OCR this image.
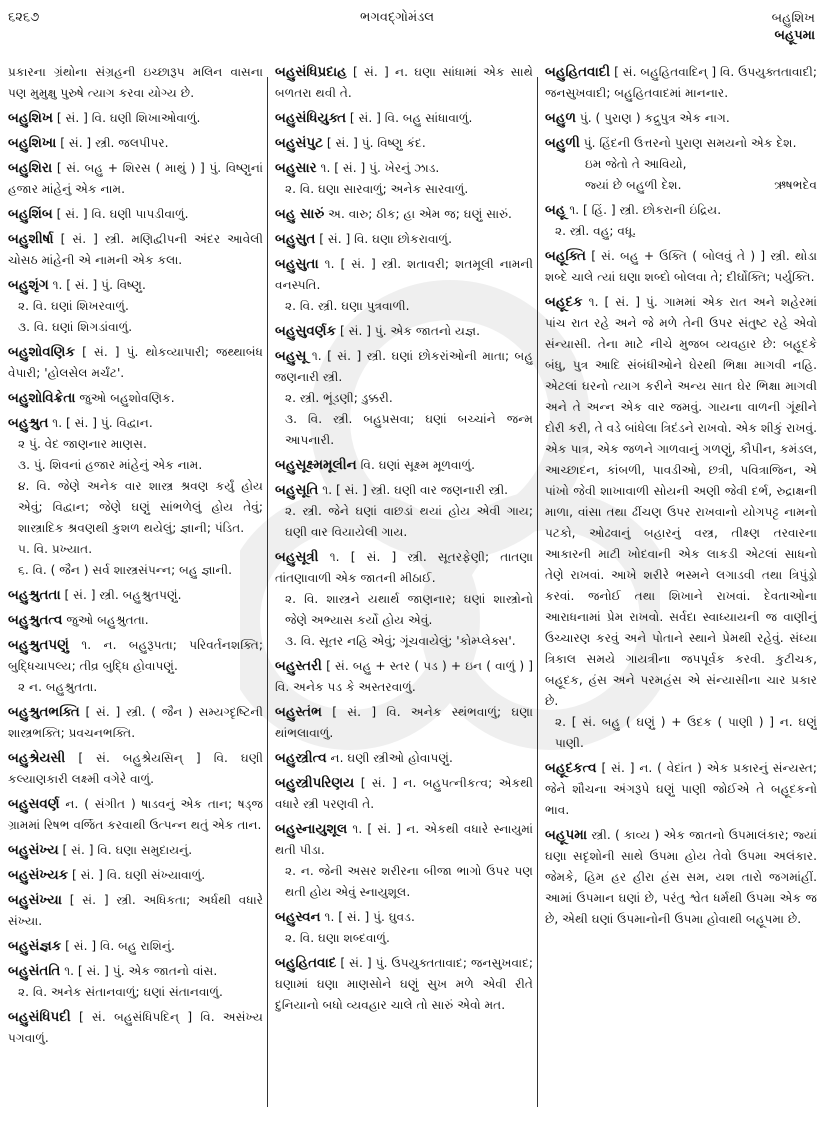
૬૨૬૭	ભગવદ્ગોમંડલ	બહુશિખ
બહૂપમા
પ્રકારના ગ્રંથોના સંગ્રહની ઇચ્છારૂપ મલિન વાસના પણ મુમુક્ષુ પુરુષે ત્યાગ કરવા યોગ્ય છે.
બહુશિખ [ સં. ] વિ. ઘણી શિખાઓવાળું.
બહુશિખા [ સં. ] સ્ત્રી. જલપીપર.
બહુશિરા [ સં. બહુ + શિરસ ( માથું ) ] પું. વિષ્ણુનાં હજાર માંહેનું એક નામ.
બહુશિંબ [ સં. ] વિ. ઘણી પાપડીવાળું.
બહુશીર્ષા [ સં. ] સ્ત્રી. મણિદ્વીપની અંદર આવેલી ચોસઠ માંહેની એ નામની એક કલા.
બહુશૃંગ ૧. [ સં. ] પું. વિષ્ણુ.
૨. વિ. ઘણાં શિખરવાળું.
૩. વિ. ઘણાં શિગડાંવાળું.
બહુશોવણિક [ સં. ] પું. થોકવ્યાપારી; જથ્થાબંધ વેપારી; 'હોલસેલ મર્ચંટ'.
બહુશોવિક્રેતા જુઓ બહુશોવણિક.
બહુશ્રુત ૧. [ સં. ] પું. વિદ્વાન.
૨ પું. વેદ જાણનાર માણસ.
૩. પું. શિવનાં હજાર માંહેનું એક નામ.
૪. વિ. જેણે અનેક વાર શાસ્ત્ર શ્રવણ કર્યું હોય એવું; વિદ્વાન; જેણે ઘણું સાંભળેલું હોય તેવું; શાસ્ત્રાદિક શ્રવણથી કુશળ થયેલું; જ્ઞાની; પંડિત.
૫. વિ. પ્રખ્યાત.
૬. વિ. ( જૈન ) સર્વ શાસ્ત્રસંપન્ન; બહુ જ્ઞાની.
બહુશ્રુતતા [ સં. ] સ્ત્રી. બહુશ્રુતપણું.
બહુશ્રુતત્વ જુઓ બહુશ્રુતતા.
બહુશ્રુતપણું ૧. ન. બહુરૂપતા; પરિવર્તનશક્તિ; બુદ્ધિચાપલ્ય; તીવ્ર બુદ્ધિ હોવાપણું.
૨ ન. બહુશ્રુતતા.
બહુશ્રુતભક્તિ [ સં. ] સ્ત્રી. ( જૈન ) સમ્યગ્દૃષ્ટિની શાસ્ત્રભક્તિ; પ્રવચનભક્તિ.
બહુશ્રેયસી [ સં. બહુશ્રેયસિન્ ] વિ. ઘણી કલ્યાણકારી લક્ષ્મી વગેરે વાળું.
બહુસવર્ણ ન. ( સંગીત ) ષાડવનું એક તાન; ષડ્જ ગ્રામમાં રિષભ વર્જિત કરવાથી ઉત્પન્ન થતું એક તાન.
બહુસંખ્ય [ સં. ] વિ. ઘણા સમુદાયનું.
બહુસંખ્યક [ સં. ] વિ. ઘણી સંખ્યાવાળું.
બહુસંખ્યા [ સં. ] સ્ત્રી. અધિકતા; અર્ધથી વધારે સંખ્યા.
બહુસંજ્ઞક [ સં. ] વિ. બહુ રાશિનું.
બહુસંતતિ ૧. [ સં. ] પું. એક જાતનો વાંસ.
૨. વિ. અનેક સંતાનવાળું; ઘણાં સંતાનવાળું.
બહુસંધિપદી [ સં. બહુસંધિપદિન્ ] વિ. અસંખ્ય પગવાળું.
બહુસંધિપ્રદાહ [ સં. ] ન. ઘણા સાંધામાં એક સાથે બળતરા થવી તે.
બહુસંધિયુક્ત [ સં. ] વિ. બહુ સાંધાવાળું.
બહુસંપુટ [ સં. ] પું. વિષ્ણુ કંદ.
બહુસાર ૧. [ સં. ] પું. ખેરનું ઝાડ.
૨. વિ. ઘણા સારવાળું; અનેક સારવાળું.
બહુ સારું અ. વારુ; ઠીક; હા એમ જ; ઘણું સારું.
બહુસુત [ સં. ] વિ. ઘણા છોકરાવાળું.
બહુસુતા ૧. [ સં. ] સ્ત્રી. શતાવરી; શતમૂલી નામની વનસ્પતિ.
૨. વિ. સ્ત્રી. ઘણા પુત્રવાળી.
બહુસુવર્ણક [ સં. ] પું. એક જાતનો યજ્ઞ.
બહુસૂ ૧. [ સં. ] સ્ત્રી. ઘણાં છોકરાંઓની માતા; બહુ જણનારી સ્ત્રી.
૨. સ્ત્રી. ભૂંડણી; ડુક્કરી.
૩. વિ. સ્ત્રી. બહુપ્રસવા; ઘણાં બચ્ચાંને જન્મ આપનારી.
બહુસૂક્ષ્મમૂલીન વિ. ઘણાં સૂક્ષ્મ મૂળવાળું.
બહુસૂતિ ૧. [ સં. ] સ્ત્રી. ઘણી વાર જણનારી સ્ત્રી.
૨. સ્ત્રી. જેને ઘણાં વાછડાં થયાં હોય એવી ગાય; ઘણી વાર વિયાયેલી ગાય.
બહુસૂત્રી ૧. [ સં. ] સ્ત્રી. સૂતરફેણી; તાતણા તાંતણાવાળી એક જાતની મીઠાઈ.
૨. વિ. શાસ્ત્રને યથાર્થ જાણનાર; ઘણાં શાસ્ત્રોનો જેણે અભ્યાસ કર્યો હોય એવું.
૩. વિ. સૂતર નહિ એવું; ગૂંચવાયેલું; 'કોમ્પ્લેક્સ'.
બહુસ્તરી [ સં. બહુ + સ્તર ( પડ ) + ઇન ( વાળું ) ] વિ. અનેક પડ કે અસ્તરવાળું.
બહુસ્તંભ [ સં. ] વિ. અનેક સ્થંભવાળું; ઘણા થાંભલાવાળું.
બહુસ્ત્રીત્વ ન. ઘણી સ્ત્રીઓ હોવાપણું.
બહુસ્ત્રીપરિણય [ સં. ] ન. બહુપત્નીકત્વ; એકથી વધારે સ્ત્રી પરણવી તે.
બહુસ્નાયુશૂલ ૧. [ સં. ] ન. એકથી વધારે સ્નાયુમાં થતી પીડા.
૨. ન. જેની અસર શરીરના બીજા ભાગો ઉપર પણ થતી હોય એવું સ્નાયુશૂલ.
બહુસ્વન ૧. [ સં. ] પું. ઘુવડ.
૨. વિ. ઘણા શબ્દવાળું.
બહુહિતવાદ [ સં. ] પું. ઉપયુક્તતાવાદ; જનસુખવાદ; ઘણામાં ઘણા માણસોને ઘણું સુખ મળે એવી રીતે દુનિયાનો બધો વ્યવહાર ચાલે તો સારું એવો મત.
બહુહિતવાદી [ સં. બહુહિતવાદિન્ ] વિ. ઉપયુક્તતાવાદી; જનસુખવાદી; બહુહિતવાદમાં માનનાર.
બહુળ પું. ( પુરાણ ) કદ્રુપુત્ર એક નાગ.
બહુળી પું. હિંદની ઉત્તરનો પુરાણ સમયનો એક દેશ.
ઇમ જેતો તે આવિયો,
જ્યાં છે બહુળી દેશ.	ઋષભદેવ
બહૂ ૧. [ હિં. ] સ્ત્રી. છોકરાની ઇંદ્રિય.
૨. સ્ત્રી. વહુ; વધૂ.
બહૂક્તિ [ સં. બહુ + ઉક્તિ ( બોલવું તે ) ] સ્ત્રી. થોડા શબ્દે ચાલે ત્યાં ઘણા શબ્દો બોલવા તે; દીર્ઘોક્તિ; પર્યુક્તિ.
બહૂદક ૧. [ સં. ] પું. ગામમાં એક રાત અને શહેરમાં પાંચ રાત રહે અને જે મળે તેની ઉપર સંતુષ્ટ રહે એવો સંન્યાસી. તેના માટે નીચે મુજબ વ્યવહાર છે: બહૂદકે બંધુ, પુત્ર આદિ સંબંધીઓને ઘેરથી ભિક્ષા માગવી નહિ. એટલાં ઘરનો ત્યાગ કરીને અન્ય સાત ઘેર ભિક્ષા માગવી અને તે અન્ન એક વાર જમવું. ગાયના વાળની ગૂંથીને દોરી કરી, તે વડે બાંધેલા ત્રિદંડને રાખવો. એક શીકું રાખવું. એક પાત્ર, એક જળને ગાળવાનું ગળણું, કૌપીન, કમંડલ, આચ્છાદન, કાંબળી, પાવડીઓ, છત્રી, પવિત્રાજિન, એ પાંખો જેવી શાખાવાળી સોયની અણી જેવી દર્ભ, રુદ્રાક્ષની માળા, વાંસા તથા ઢીંચણ ઉપર રાખવાનો યોગપટ્ટ નામનો પટકો, ઓઢવાનું બહારનું વસ્ત્ર, તીક્ષ્ણ તરવારના આકારની માટી ખોદવાની એક લાકડી એટલાં સાધનો તેણે રાખવાં. આખે શરીરે ભસ્મને લગાડવી તથા ત્રિપુંડ્રો કરવાં. જનોઈ તથા શિખાને રાખવાં. દેવતાઓના આરાધનામાં પ્રેમ રાખવો. સર્વદા સ્વાધ્યાયની જ વાણીનું ઉચ્ચારણ કરવું અને પોતાને સ્થાને પ્રેમથી રહેવું. સંધ્યા ત્રિકાલ સમયે ગાયત્રીના જપપૂર્વક કરવી. કુટીચક, બહૂદક, હંસ અને પરમહંસ એ સંન્યાસીના ચાર પ્રકાર છે.
૨. [ સં. બહુ ( ઘણું ) + ઉદક ( પાણી ) ] ન. ઘણું પાણી.
બહૂદકત્વ [ સં. ] ન. ( વેદાંત ) એક પ્રકારનું સંન્યસ્ત; જેને શૌચના અંગરૂપે ઘણું પાણી જોઈએ તે બહૂદકનો ભાવ.
બહૂપમા સ્ત્રી. ( કાવ્ય ) એક જાતનો ઉપમાલંકાર; જ્યાં ઘણા સદૃશોની સાથે ઉપમા હોય તેવો ઉપમા અલંકાર. જેમકે, હિમ હર હીરા હંસ સમ, યશ તારો જગમાંહીં. આમાં ઉપમાન ઘણાં છે, પરંતુ શ્વેત ધર્મથી ઉપમા એક જ છે, એથી ઘણાં ઉપમાનોની ઉપમા હોવાથી બહૂપમા છે.
